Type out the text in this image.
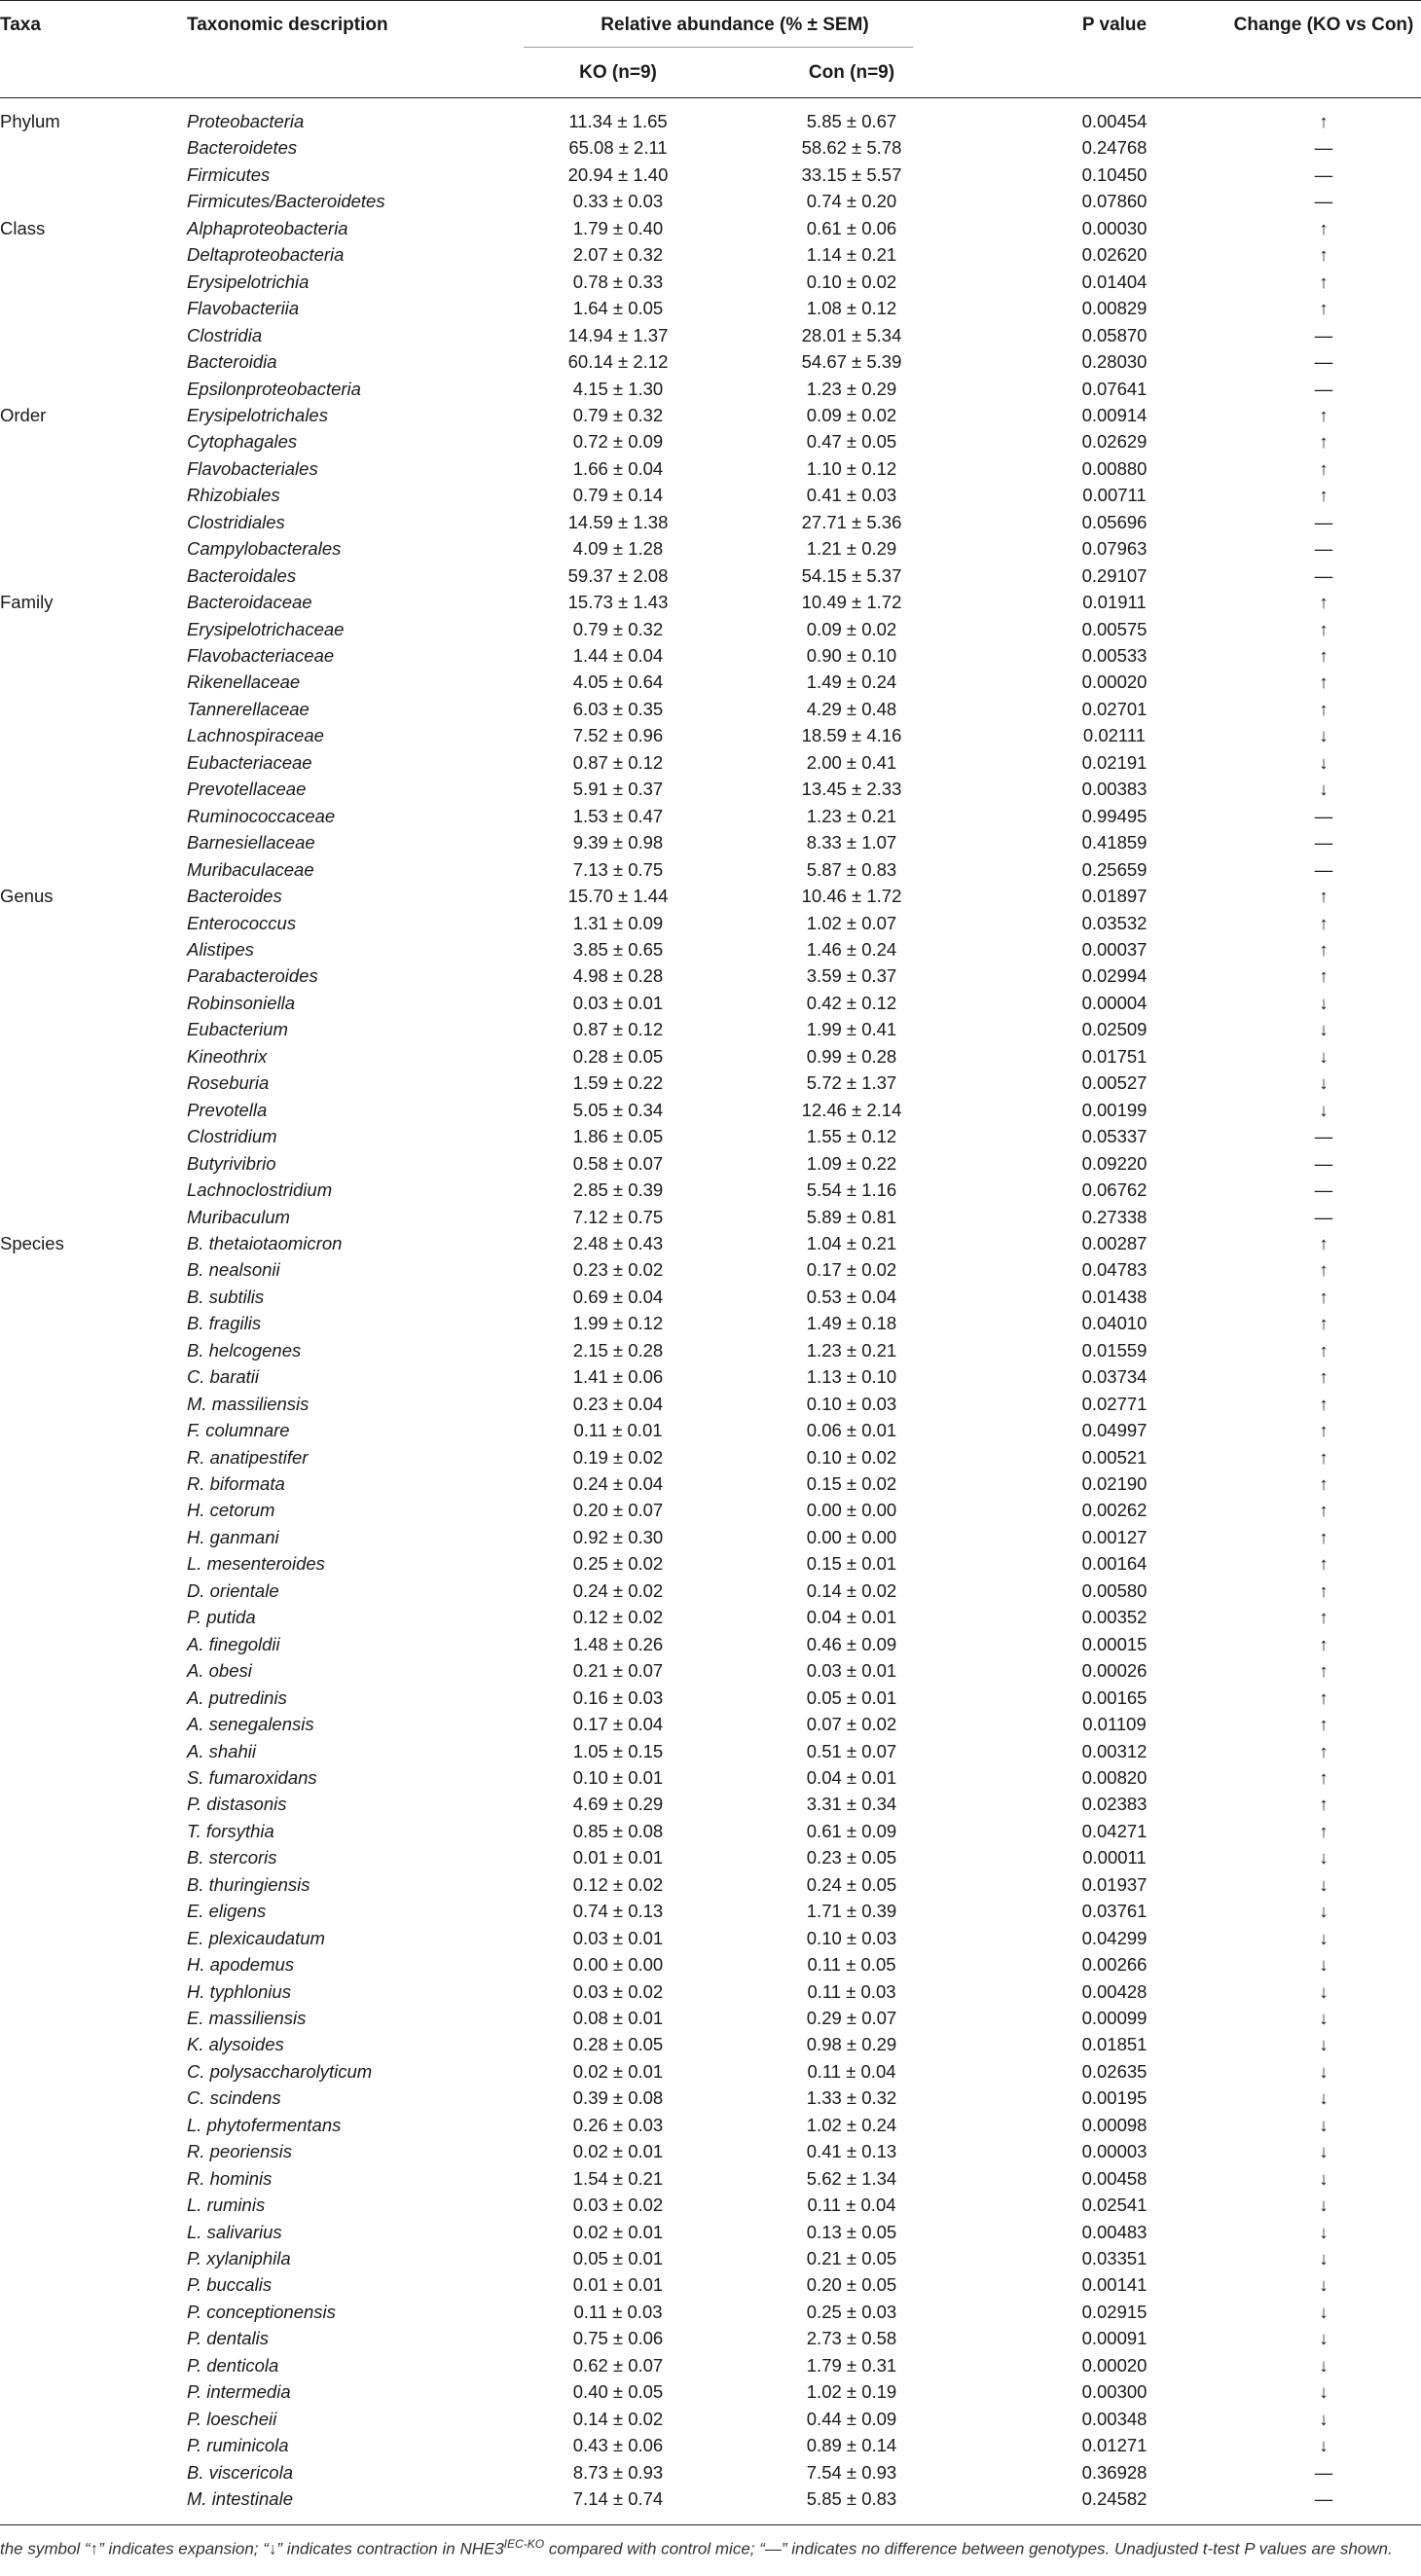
Taxa	Taxonomic description	Relative abundance (% ± SEM)	P value	Change (KO vs Con)
KO (n=9)	Con (n=9)
Phylum	Proteobacteria	11.34 ± 1.65	5.85 ± 0.67	0.00454	↑
Bacteroidetes	65.08 ± 2.11	58.62 ± 5.78	0.24768	—
Firmicutes	20.94 ± 1.40	33.15 ± 5.57	0.10450	—
Firmicutes/Bacteroidetes	0.33 ± 0.03	0.74 ± 0.20	0.07860	—
Class	Alphaproteobacteria	1.79 ± 0.40	0.61 ± 0.06	0.00030	↑
Deltaproteobacteria	2.07 ± 0.32	1.14 ± 0.21	0.02620	↑
Erysipelotrichia	0.78 ± 0.33	0.10 ± 0.02	0.01404	↑
Flavobacteriia	1.64 ± 0.05	1.08 ± 0.12	0.00829	↑
Clostridia	14.94 ± 1.37	28.01 ± 5.34	0.05870	—
Bacteroidia	60.14 ± 2.12	54.67 ± 5.39	0.28030	—
Epsilonproteobacteria	4.15 ± 1.30	1.23 ± 0.29	0.07641	—
Order	Erysipelotrichales	0.79 ± 0.32	0.09 ± 0.02	0.00914	↑
Cytophagales	0.72 ± 0.09	0.47 ± 0.05	0.02629	↑
Flavobacteriales	1.66 ± 0.04	1.10 ± 0.12	0.00880	↑
Rhizobiales	0.79 ± 0.14	0.41 ± 0.03	0.00711	↑
Clostridiales	14.59 ± 1.38	27.71 ± 5.36	0.05696	—
Campylobacterales	4.09 ± 1.28	1.21 ± 0.29	0.07963	—
Bacteroidales	59.37 ± 2.08	54.15 ± 5.37	0.29107	—
Family	Bacteroidaceae	15.73 ± 1.43	10.49 ± 1.72	0.01911	↑
Erysipelotrichaceae	0.79 ± 0.32	0.09 ± 0.02	0.00575	↑
Flavobacteriaceae	1.44 ± 0.04	0.90 ± 0.10	0.00533	↑
Rikenellaceae	4.05 ± 0.64	1.49 ± 0.24	0.00020	↑
Tannerellaceae	6.03 ± 0.35	4.29 ± 0.48	0.02701	↑
Lachnospiraceae	7.52 ± 0.96	18.59 ± 4.16	0.02111	↓
Eubacteriaceae	0.87 ± 0.12	2.00 ± 0.41	0.02191	↓
Prevotellaceae	5.91 ± 0.37	13.45 ± 2.33	0.00383	↓
Ruminococcaceae	1.53 ± 0.47	1.23 ± 0.21	0.99495	—
Barnesiellaceae	9.39 ± 0.98	8.33 ± 1.07	0.41859	—
Muribaculaceae	7.13 ± 0.75	5.87 ± 0.83	0.25659	—
Genus	Bacteroides	15.70 ± 1.44	10.46 ± 1.72	0.01897	↑
Enterococcus	1.31 ± 0.09	1.02 ± 0.07	0.03532	↑
Alistipes	3.85 ± 0.65	1.46 ± 0.24	0.00037	↑
Parabacteroides	4.98 ± 0.28	3.59 ± 0.37	0.02994	↑
Robinsoniella	0.03 ± 0.01	0.42 ± 0.12	0.00004	↓
Eubacterium	0.87 ± 0.12	1.99 ± 0.41	0.02509	↓
Kineothrix	0.28 ± 0.05	0.99 ± 0.28	0.01751	↓
Roseburia	1.59 ± 0.22	5.72 ± 1.37	0.00527	↓
Prevotella	5.05 ± 0.34	12.46 ± 2.14	0.00199	↓
Clostridium	1.86 ± 0.05	1.55 ± 0.12	0.05337	—
Butyrivibrio	0.58 ± 0.07	1.09 ± 0.22	0.09220	—
Lachnoclostridium	2.85 ± 0.39	5.54 ± 1.16	0.06762	—
Muribaculum	7.12 ± 0.75	5.89 ± 0.81	0.27338	—
Species	B. thetaiotaomicron	2.48 ± 0.43	1.04 ± 0.21	0.00287	↑
B. nealsonii	0.23 ± 0.02	0.17 ± 0.02	0.04783	↑
B. subtilis	0.69 ± 0.04	0.53 ± 0.04	0.01438	↑
B. fragilis	1.99 ± 0.12	1.49 ± 0.18	0.04010	↑
B. helcogenes	2.15 ± 0.28	1.23 ± 0.21	0.01559	↑
C. baratii	1.41 ± 0.06	1.13 ± 0.10	0.03734	↑
M. massiliensis	0.23 ± 0.04	0.10 ± 0.03	0.02771	↑
F. columnare	0.11 ± 0.01	0.06 ± 0.01	0.04997	↑
R. anatipestifer	0.19 ± 0.02	0.10 ± 0.02	0.00521	↑
R. biformata	0.24 ± 0.04	0.15 ± 0.02	0.02190	↑
H. cetorum	0.20 ± 0.07	0.00 ± 0.00	0.00262	↑
H. ganmani	0.92 ± 0.30	0.00 ± 0.00	0.00127	↑
L. mesenteroides	0.25 ± 0.02	0.15 ± 0.01	0.00164	↑
D. orientale	0.24 ± 0.02	0.14 ± 0.02	0.00580	↑
P. putida	0.12 ± 0.02	0.04 ± 0.01	0.00352	↑
A. finegoldii	1.48 ± 0.26	0.46 ± 0.09	0.00015	↑
A. obesi	0.21 ± 0.07	0.03 ± 0.01	0.00026	↑
A. putredinis	0.16 ± 0.03	0.05 ± 0.01	0.00165	↑
A. senegalensis	0.17 ± 0.04	0.07 ± 0.02	0.01109	↑
A. shahii	1.05 ± 0.15	0.51 ± 0.07	0.00312	↑
S. fumaroxidans	0.10 ± 0.01	0.04 ± 0.01	0.00820	↑
P. distasonis	4.69 ± 0.29	3.31 ± 0.34	0.02383	↑
T. forsythia	0.85 ± 0.08	0.61 ± 0.09	0.04271	↑
B. stercoris	0.01 ± 0.01	0.23 ± 0.05	0.00011	↓
B. thuringiensis	0.12 ± 0.02	0.24 ± 0.05	0.01937	↓
E. eligens	0.74 ± 0.13	1.71 ± 0.39	0.03761	↓
E. plexicaudatum	0.03 ± 0.01	0.10 ± 0.03	0.04299	↓
H. apodemus	0.00 ± 0.00	0.11 ± 0.05	0.00266	↓
H. typhlonius	0.03 ± 0.02	0.11 ± 0.03	0.00428	↓
E. massiliensis	0.08 ± 0.01	0.29 ± 0.07	0.00099	↓
K. alysoides	0.28 ± 0.05	0.98 ± 0.29	0.01851	↓
C. polysaccharolyticum	0.02 ± 0.01	0.11 ± 0.04	0.02635	↓
C. scindens	0.39 ± 0.08	1.33 ± 0.32	0.00195	↓
L. phytofermentans	0.26 ± 0.03	1.02 ± 0.24	0.00098	↓
R. peoriensis	0.02 ± 0.01	0.41 ± 0.13	0.00003	↓
R. hominis	1.54 ± 0.21	5.62 ± 1.34	0.00458	↓
L. ruminis	0.03 ± 0.02	0.11 ± 0.04	0.02541	↓
L. salivarius	0.02 ± 0.01	0.13 ± 0.05	0.00483	↓
P. xylaniphila	0.05 ± 0.01	0.21 ± 0.05	0.03351	↓
P. buccalis	0.01 ± 0.01	0.20 ± 0.05	0.00141	↓
P. conceptionensis	0.11 ± 0.03	0.25 ± 0.03	0.02915	↓
P. dentalis	0.75 ± 0.06	2.73 ± 0.58	0.00091	↓
P. denticola	0.62 ± 0.07	1.79 ± 0.31	0.00020	↓
P. intermedia	0.40 ± 0.05	1.02 ± 0.19	0.00300	↓
P. loescheii	0.14 ± 0.02	0.44 ± 0.09	0.00348	↓
P. ruminicola	0.43 ± 0.06	0.89 ± 0.14	0.01271	↓
B. viscericola	8.73 ± 0.93	7.54 ± 0.93	0.36928	—
M. intestinale	7.14 ± 0.74	5.85 ± 0.83	0.24582	—
the symbol “↑” indicates expansion; “↓” indicates contraction in $NHE3^{IEC-KO}$ compared with control mice; “—” indicates no difference between genotypes. Unadjusted t-test P values are shown.
